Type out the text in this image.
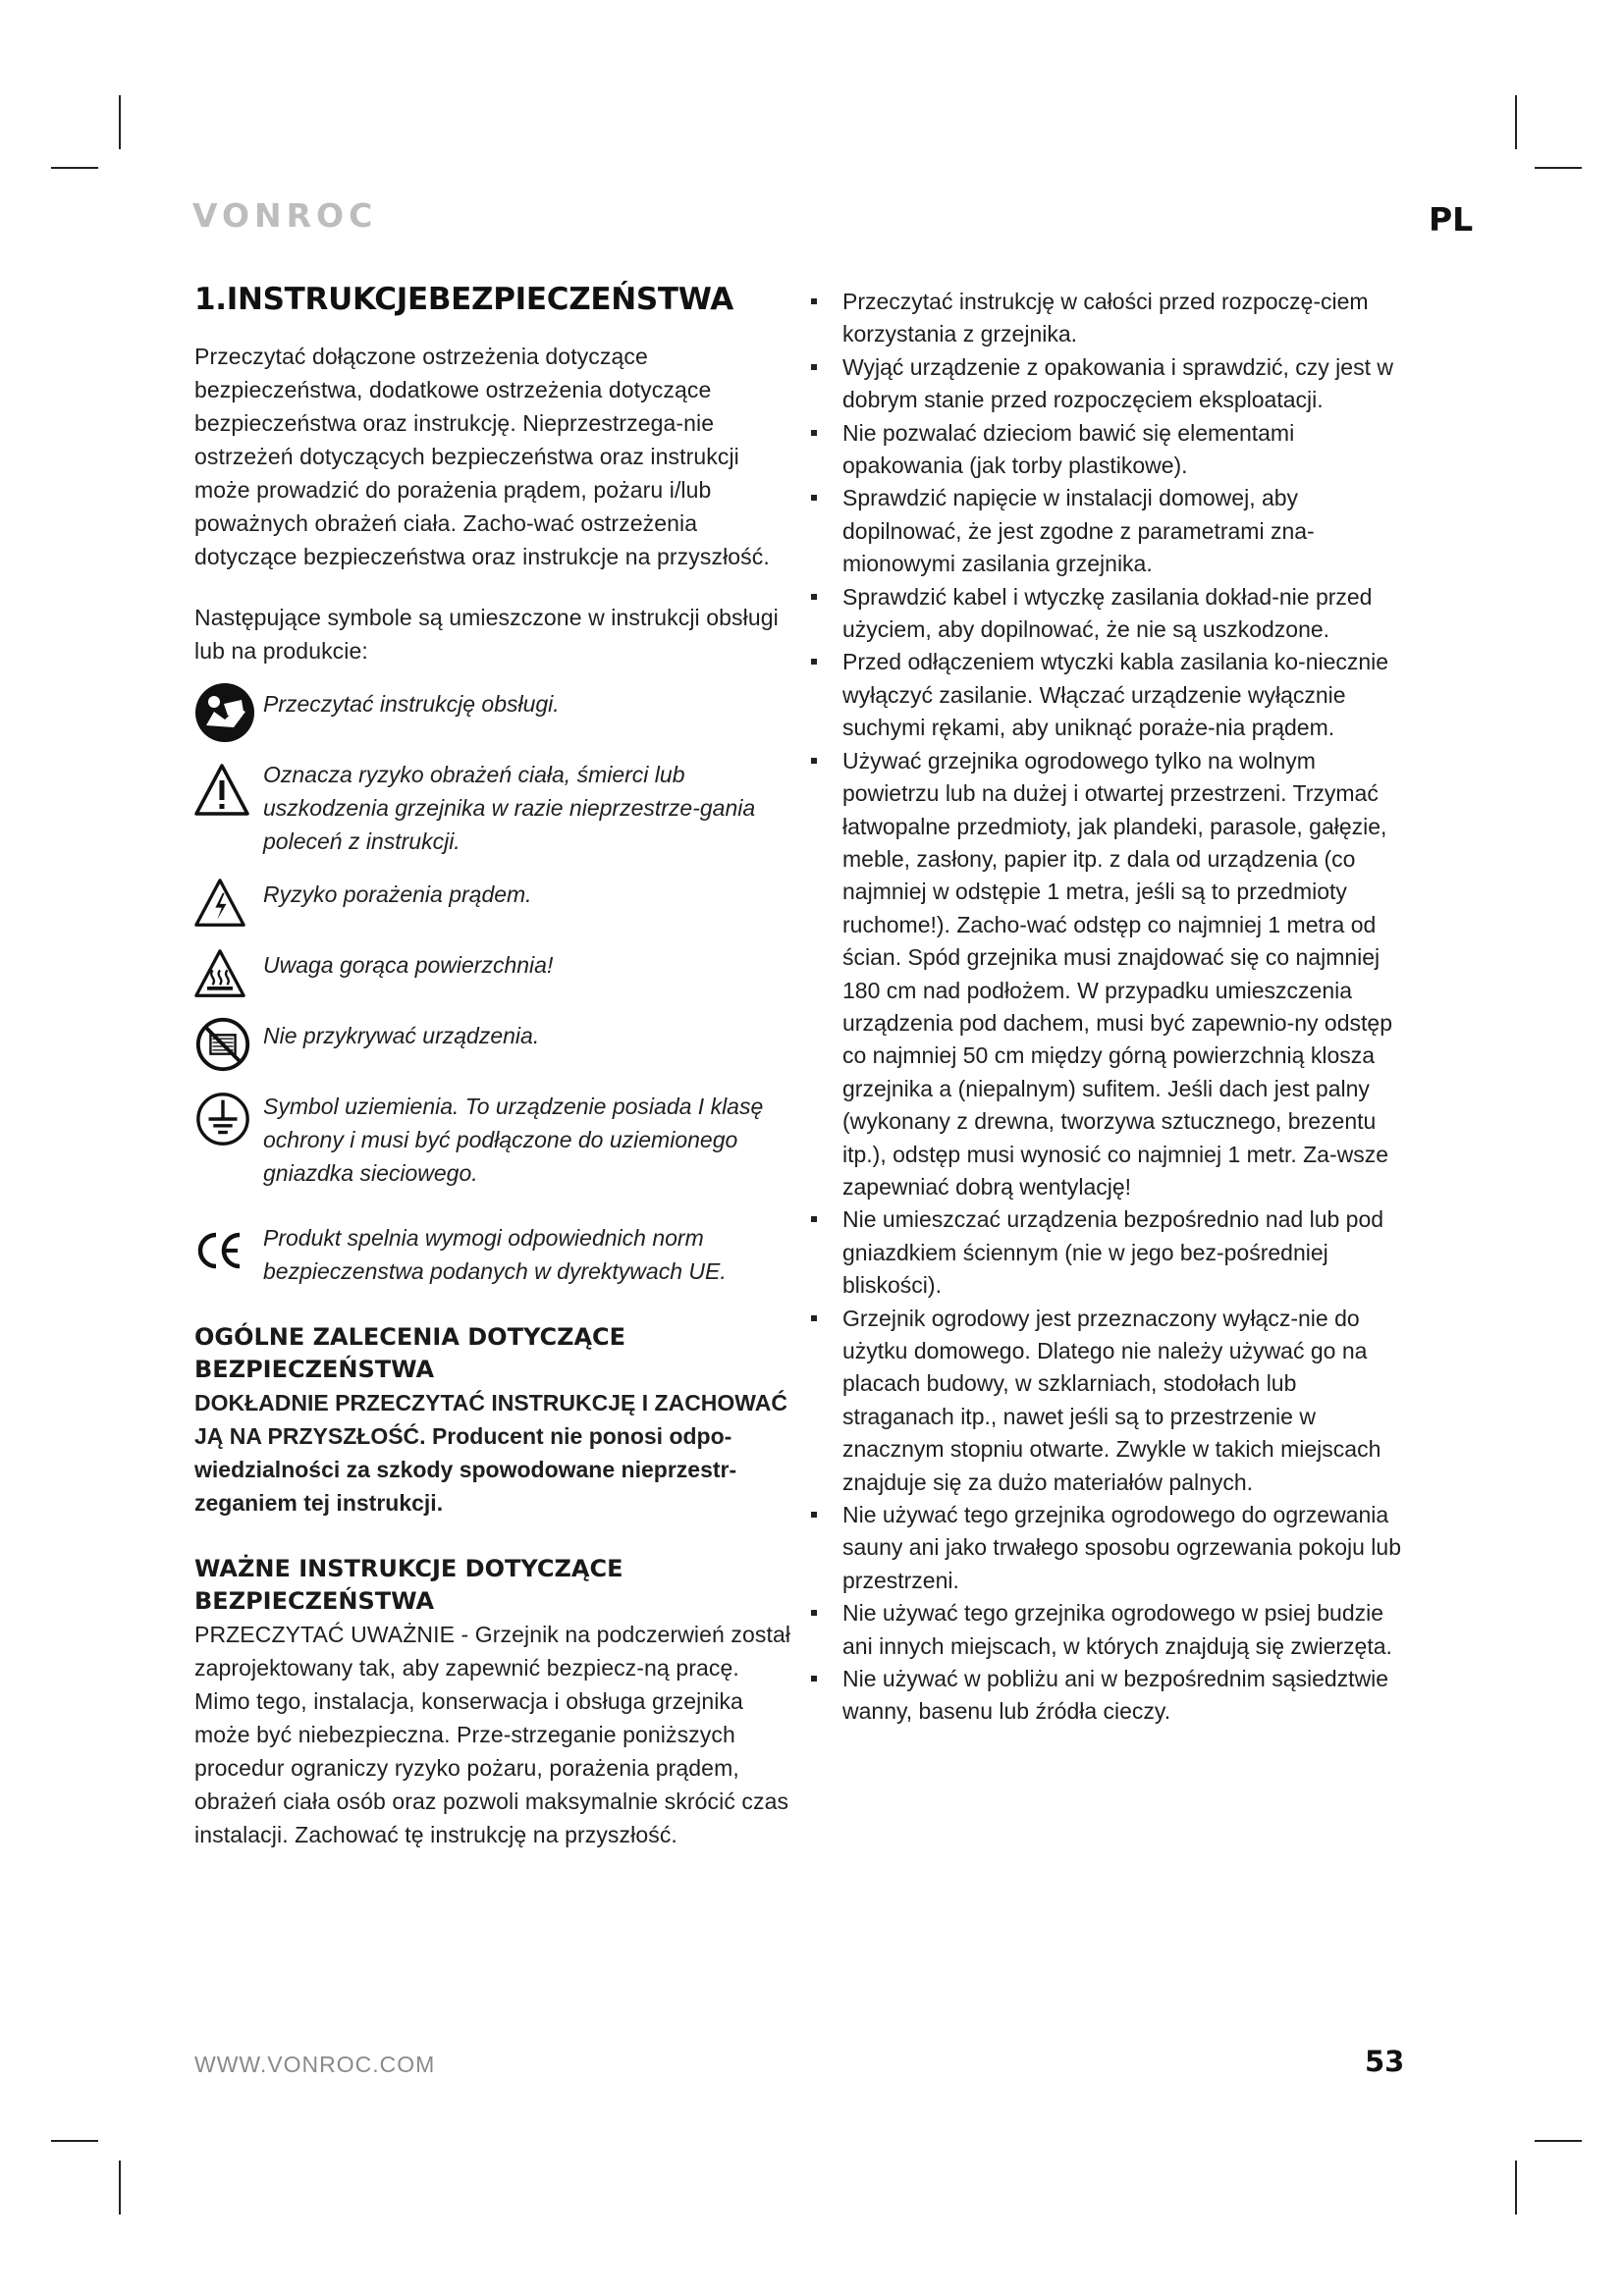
VONROC	PL
1.INSTRUKCJEBEZPIECZEŃSTWA

Przeczytać dołączone ostrzeżenia dotyczące bezpieczeństwa, dodatkowe ostrzeżenia dotyczące bezpieczeństwa oraz instrukcję. Nieprzestrzega-nie ostrzeżeń dotyczących bezpieczeństwa oraz instrukcji może prowadzić do porażenia prądem, pożaru i/lub poważnych obrażeń ciała. Zacho-wać ostrzeżenia dotyczące bezpieczeństwa oraz instrukcje na przyszłość.

Następujące symbole są umieszczone w instrukcji obsługi lub na produkcie:

Przeczytać instrukcję obsługi.
Oznacza ryzyko obrażeń ciała, śmierci lub uszkodzenia grzejnika w razie nieprzestrze-gania poleceń z instrukcji.
Ryzyko porażenia prądem.
Uwaga gorąca powierzchnia!
Nie przykrywać urządzenia.
Symbol uziemienia. To urządzenie posiada I klasę ochrony i musi być podłączone do uziemionego gniazdka sieciowego.
Produkt spelnia wymogi odpowiednich norm bezpieczenstwa podanych w dyrektywach UE.
OGÓLNE ZALECENIA DOTYCZĄCE BEZPIECZEŃSTWA

DOKŁADNIE PRZECZYTAĆ INSTRUKCJĘ I ZACHOWAĆ JĄ NA PRZYSZŁOŚĆ. Producent nie ponosi odpo-wiedzialności za szkody spowodowane nieprzestr-zeganiem tej instrukcji.

WAŻNE INSTRUKCJE DOTYCZĄCE BEZPIECZEŃSTWA

PRZECZYTAĆ UWAŻNIE - Grzejnik na podczerwień został zaprojektowany tak, aby zapewnić bezpiecz-ną pracę. Mimo tego, instalacja, konserwacja i obsługa grzejnika może być niebezpieczna. Prze-strzeganie poniższych procedur ograniczy ryzyko pożaru, porażenia prądem, obrażeń ciała osób oraz pozwoli maksymalnie skrócić czas instalacji. Zachować tę instrukcję na przyszłość.

Przeczytać instrukcję w całości przed rozpoczę-ciem korzystania z grzejnika.
Wyjąć urządzenie z opakowania i sprawdzić, czy jest w dobrym stanie przed rozpoczęciem eksploatacji.
Nie pozwalać dzieciom bawić się elementami opakowania (jak torby plastikowe).
Sprawdzić napięcie w instalacji domowej, aby dopilnować, że jest zgodne z parametrami zna-mionowymi zasilania grzejnika.
Sprawdzić kabel i wtyczkę zasilania dokład-nie przed użyciem, aby dopilnować, że nie są uszkodzone.
Przed odłączeniem wtyczki kabla zasilania ko-niecznie wyłączyć zasilanie. Włączać urządzenie wyłącznie suchymi rękami, aby uniknąć poraże-nia prądem.
Używać grzejnika ogrodowego tylko na wolnym powietrzu lub na dużej i otwartej przestrzeni. Trzymać łatwopalne przedmioty, jak plandeki, parasole, gałęzie, meble, zasłony, papier itp. z dala od urządzenia (co najmniej w odstępie 1 metra, jeśli są to przedmioty ruchome!). Zacho-wać odstęp co najmniej 1 metra od ścian. Spód grzejnika musi znajdować się co najmniej 180 cm nad podłożem. W przypadku umieszczenia urządzenia pod dachem, musi być zapewnio-ny odstęp co najmniej 50 cm między górną powierzchnią klosza grzejnika a (niepalnym) sufitem. Jeśli dach jest palny (wykonany z drewna, tworzywa sztucznego, brezentu itp.), odstęp musi wynosić co najmniej 1 metr. Za-wsze zapewniać dobrą wentylację!
Nie umieszczać urządzenia bezpośrednio nad lub pod gniazdkiem ściennym (nie w jego bez-pośredniej bliskości).
Grzejnik ogrodowy jest przeznaczony wyłącz-nie do użytku domowego. Dlatego nie należy używać go na placach budowy, w szklarniach, stodołach lub straganach itp., nawet jeśli są to przestrzenie w znacznym stopniu otwarte. Zwykle w takich miejscach znajduje się za dużo materiałów palnych.
Nie używać tego grzejnika ogrodowego do ogrzewania sauny ani jako trwałego sposobu ogrzewania pokoju lub przestrzeni.
Nie używać tego grzejnika ogrodowego w psiej budzie ani innych miejscach, w których znajdują się zwierzęta.
Nie używać w pobliżu ani w bezpośrednim sąsiedztwie wanny, basenu lub źródła cieczy.
WWW.VONROC.COM	53
